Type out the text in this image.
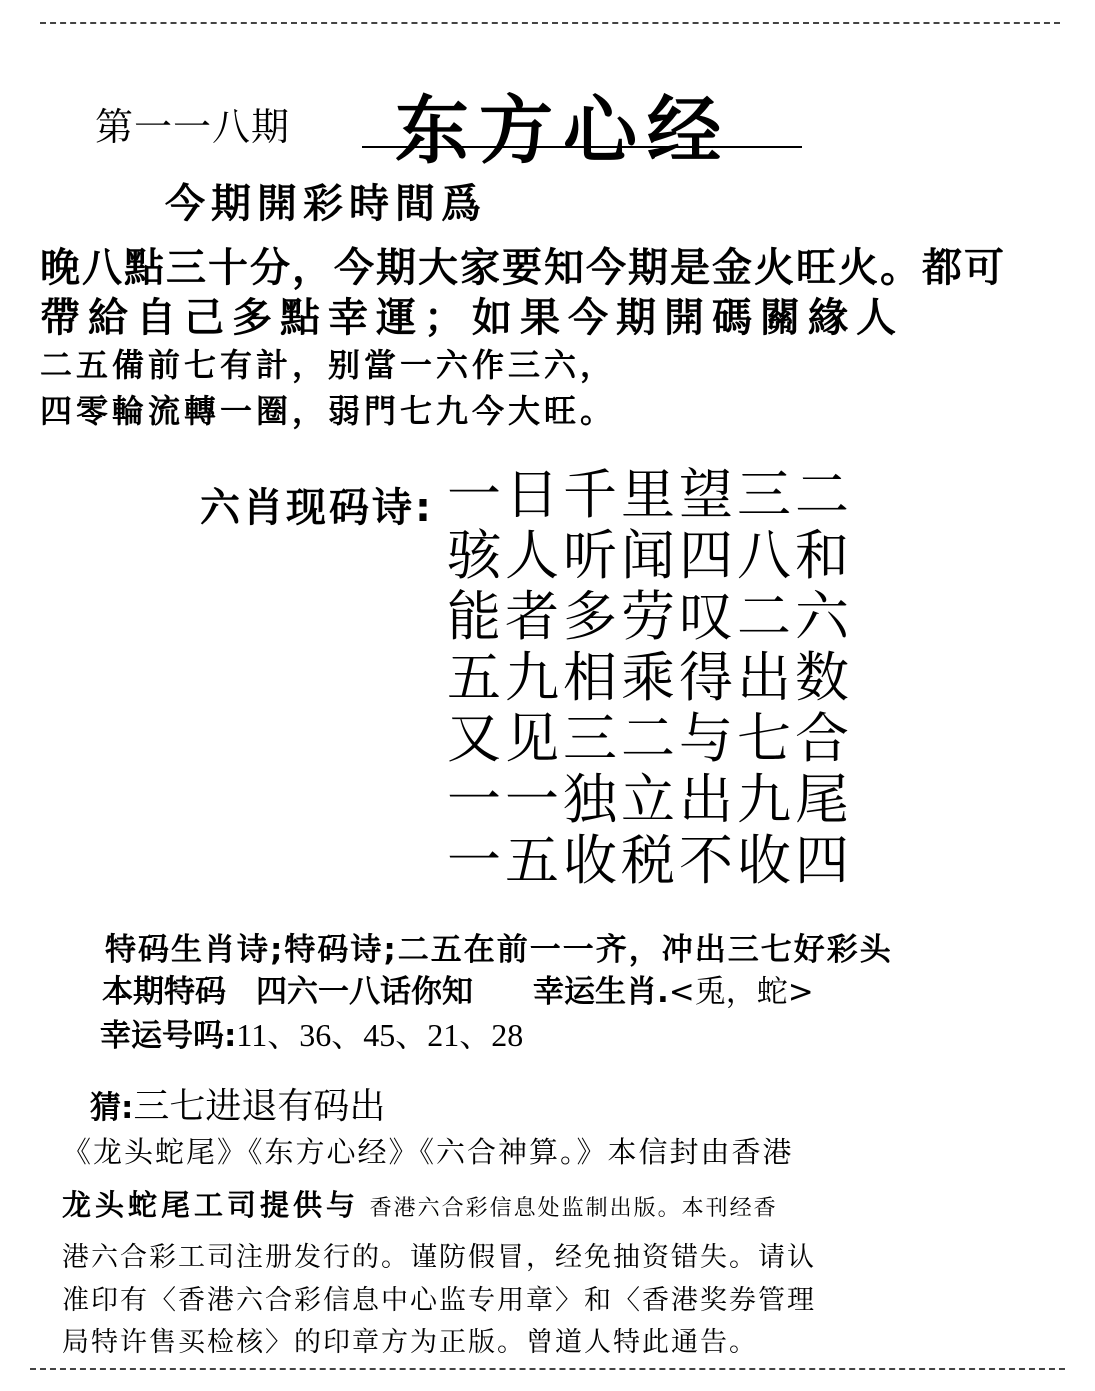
第一一八期 东方心经
今期開彩時間爲
晚八點三十分，今期大家要知今期是金火旺火。都可
帶給自己多點幸運；如果今期開碼關緣人
二五備前七有計，别當一六作三六，
四零輪流轉一圈，弱門七九今大旺。
六肖现码诗: 一日千里望三二
骇人听闻四八和
能者多劳叹二六
五九相乘得出数
又见三二与七合
一一独立出九尾
一五收税不收四
特码生肖诗;特码诗;二五在前一一齐，冲出三七好彩头
本期特码 四六一八话你知 幸运生肖.<兎，蛇>
幸运号吗:11、36、45、21、28
猜:三七进退有码出
《龙头蛇尾》《东方心经》《六合神算。》本信封由香港
龙头蛇尾工司提供与 香港六合彩信息处监制出版。本刊经香
港六合彩工司注册发行的。谨防假冒，经免抽资错失。请认
准印有〈香港六合彩信息中心监专用章〉和〈香港奖券管理
局特许售买检核〉的印章方为正版。曾道人特此通告。
